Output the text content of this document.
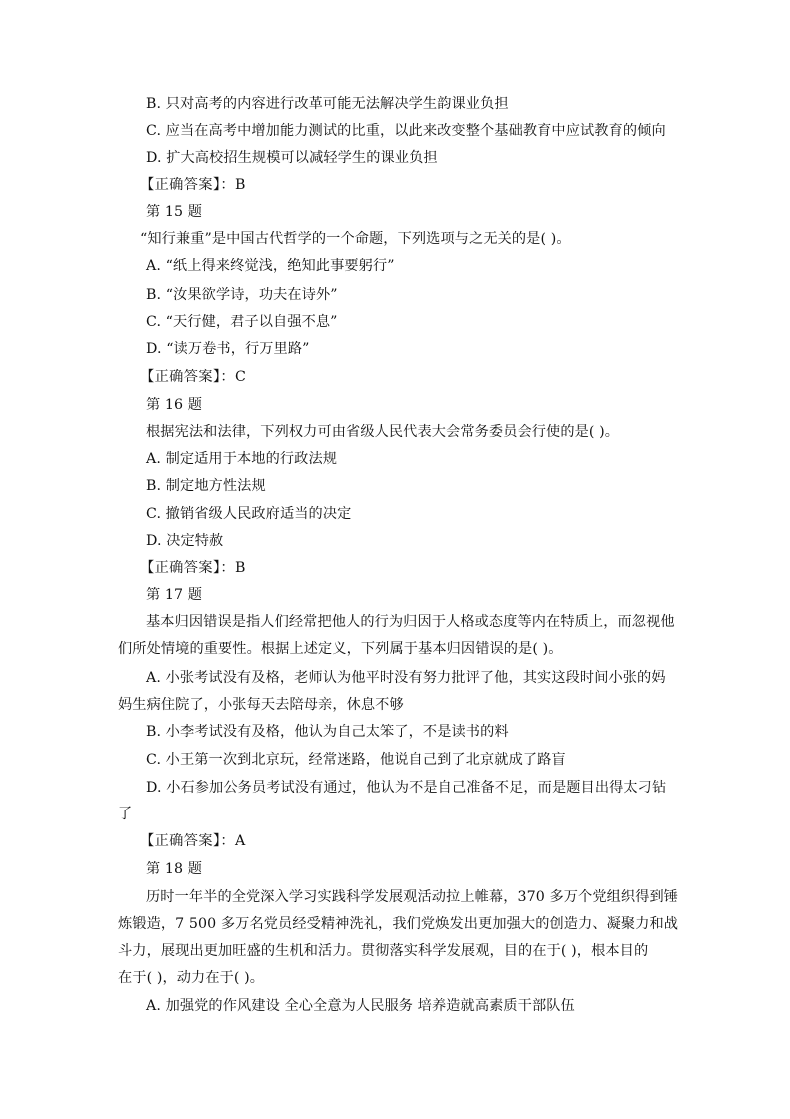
B. 只对高考的内容进行改革可能无法解决学生韵课业负担
C. 应当在高考中增加能力测试的比重，以此来改变整个基础教育中应试教育的倾向
D. 扩大高校招生规模可以减轻学生的课业负担
【正确答案】：B
第 15 题
“知行兼重”是中国古代哲学的一个命题，下列选项与之无关的是( )。
A. “纸上得来终觉浅，绝知此事要躬行”
B. “汝果欲学诗，功夫在诗外”
C. “天行健，君子以自强不息”
D. “读万卷书，行万里路”
【正确答案】：C
第 16 题
根据宪法和法律，下列权力可由省级人民代表大会常务委员会行使的是( )。
A. 制定适用于本地的行政法规
B. 制定地方性法规
C. 撤销省级人民政府适当的决定
D. 决定特赦
【正确答案】：B
第 17 题
基本归因错误是指人们经常把他人的行为归因于人格或态度等内在特质上，而忽视他
们所处情境的重要性。根据上述定义，下列属于基本归因错误的是( )。
A. 小张考试没有及格，老师认为他平时没有努力批评了他，其实这段时间小张的妈
妈生病住院了，小张每天去陪母亲，休息不够
B. 小李考试没有及格，他认为自己太笨了，不是读书的料
C. 小王第一次到北京玩，经常迷路，他说自己到了北京就成了路盲
D. 小石参加公务员考试没有通过，他认为不是自己准备不足，而是题目出得太刁钻
了
【正确答案】：A
第 18 题
历时一年半的全党深入学习实践科学发展观活动拉上帷幕，370 多万个党组织得到锤
炼锻造，7 500 多万名党员经受精神洗礼，我们党焕发出更加强大的创造力、凝聚力和战
斗力，展现出更加旺盛的生机和活力。贯彻落实科学发展观，目的在于( )，根本目的
在于( )，动力在于( )。
A. 加强党的作风建设 全心全意为人民服务 培养造就高素质干部队伍
